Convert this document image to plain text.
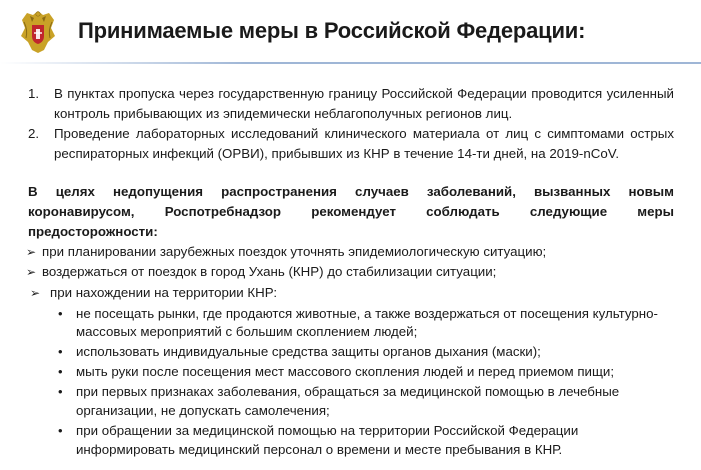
Принимаемые меры в Российской Федерации:
1. В пунктах пропуска через государственную границу Российской Федерации проводится усиленный контроль прибывающих из эпидемически неблагополучных регионов лиц.
2. Проведение лабораторных исследований клинического материала от лиц с симптомами острых респираторных инфекций (ОРВИ), прибывших из КНР в течение 14-ти дней, на 2019-nCoV.
В целях недопущения распространения случаев заболеваний, вызванных новым коронавирусом, Роспотребнадзор рекомендует соблюдать следующие меры предосторожности:
➢ при планировании зарубежных поездок уточнять эпидемиологическую ситуацию;
➢ воздержаться от поездок в город Ухань (КНР) до стабилизации ситуации;
➢ при нахождении на территории КНР:
• не посещать рынки, где продаются животные, а также воздержаться от посещения культурно-
массовых мероприятий с большим скоплением людей;
• использовать индивидуальные средства защиты органов дыхания (маски);
• мыть руки после посещения мест массового скопления людей и перед приемом пищи;
• при первых признаках заболевания, обращаться за медицинской помощью в лечебные
организации, не допускать самолечения;
• при обращении за медицинской помощью на территории Российской Федерации
информировать медицинский персонал о времени и месте пребывания в КНР.
